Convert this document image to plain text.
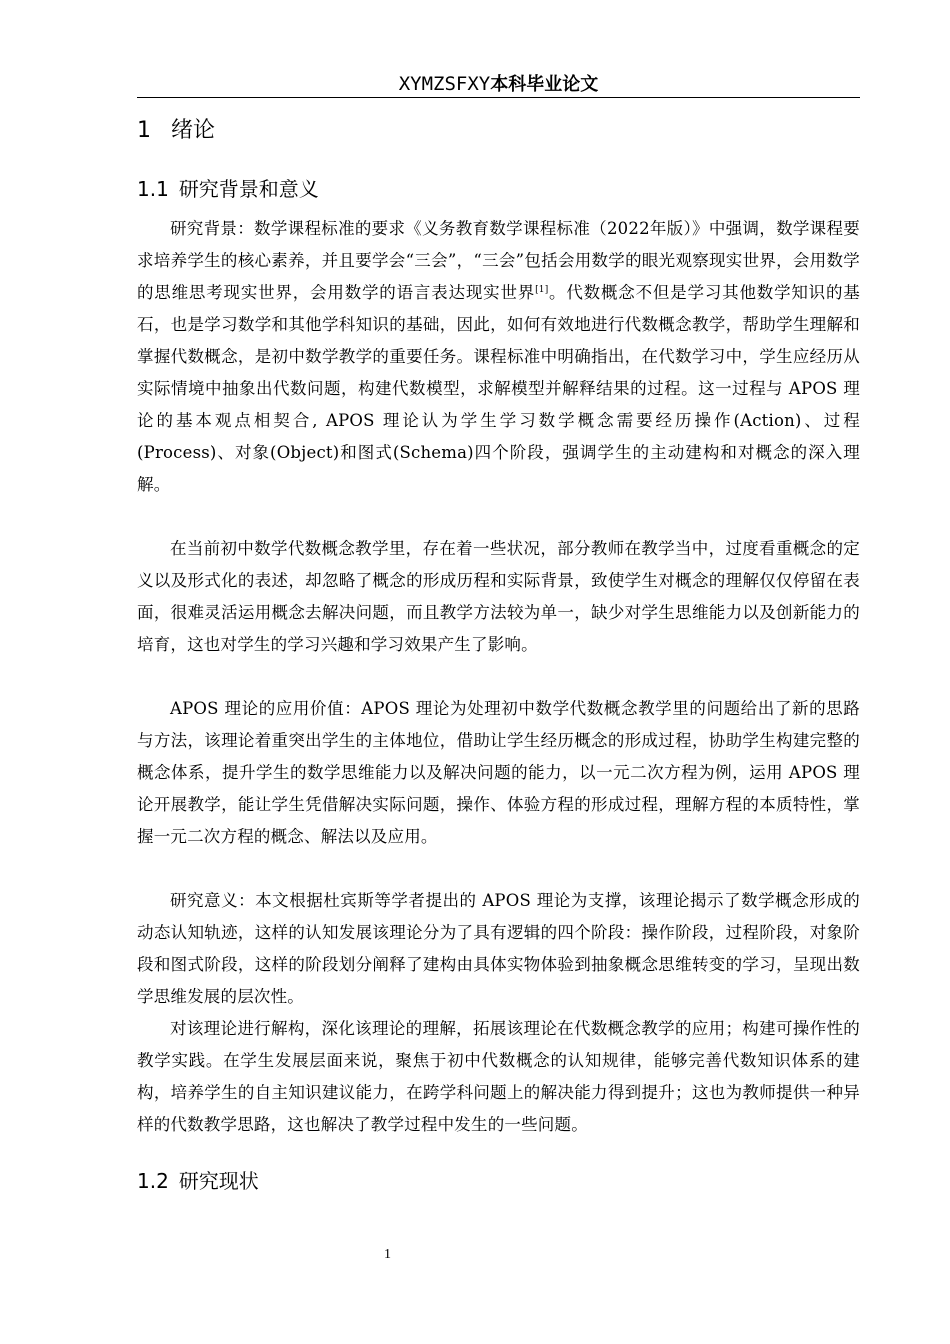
XYMZSFXY本科毕业论文
1 绪论
1.1 研究背景和意义

研究背景：数学课程标准的要求《义务教育数学课程标准（2022年版）》中强调，数学课程要求培养学生的核心素养，并且要学会“三会”，“三会”包括会用数学的眼光观察现实世界，会用数学的思维思考现实世界，会用数学的语言表达现实世界[1]。代数概念不但是学习其他数学知识的基石，也是学习数学和其他学科知识的基础，因此，如何有效地进行代数概念教学，帮助学生理解和掌握代数概念，是初中数学教学的重要任务。课程标准中明确指出，在代数学习中，学生应经历从实际情境中抽象出代数问题，构建代数模型，求解模型并解释结果的过程。这一过程与 APOS 理论的基本观点相契合, APOS 理论认为学生学习数学概念需要经历操作(Action)、过程(Process)、对象(Object)和图式(Schema)四个阶段，强调学生的主动建构和对概念的深入理解。

在当前初中数学代数概念教学里，存在着一些状况，部分教师在教学当中，过度看重概念的定义以及形式化的表述，却忽略了概念的形成历程和实际背景，致使学生对概念的理解仅仅停留在表面，很难灵活运用概念去解决问题，而且教学方法较为单一，缺少对学生思维能力以及创新能力的培育，这也对学生的学习兴趣和学习效果产生了影响。

APOS 理论的应用价值：APOS 理论为处理初中数学代数概念教学里的问题给出了新的思路与方法，该理论着重突出学生的主体地位，借助让学生经历概念的形成过程，协助学生构建完整的概念体系，提升学生的数学思维能力以及解决问题的能力，以一元二次方程为例，运用 APOS 理论开展教学，能让学生凭借解决实际问题，操作、体验方程的形成过程，理解方程的本质特性，掌握一元二次方程的概念、解法以及应用。

研究意义：本文根据杜宾斯等学者提出的 APOS 理论为支撑，该理论揭示了数学概念形成的动态认知轨迹，这样的认知发展该理论分为了具有逻辑的四个阶段：操作阶段，过程阶段，对象阶段和图式阶段，这样的阶段划分阐释了建构由具体实物体验到抽象概念思维转变的学习，呈现出数学思维发展的层次性。

对该理论进行解构，深化该理论的理解，拓展该理论在代数概念教学的应用；构建可操作性的教学实践。在学生发展层面来说，聚焦于初中代数概念的认知规律，能够完善代数知识体系的建构，培养学生的自主知识建议能力，在跨学科问题上的解决能力得到提升；这也为教师提供一种异样的代数教学思路，这也解决了教学过程中发生的一些问题。

1.2 研究现状
1
